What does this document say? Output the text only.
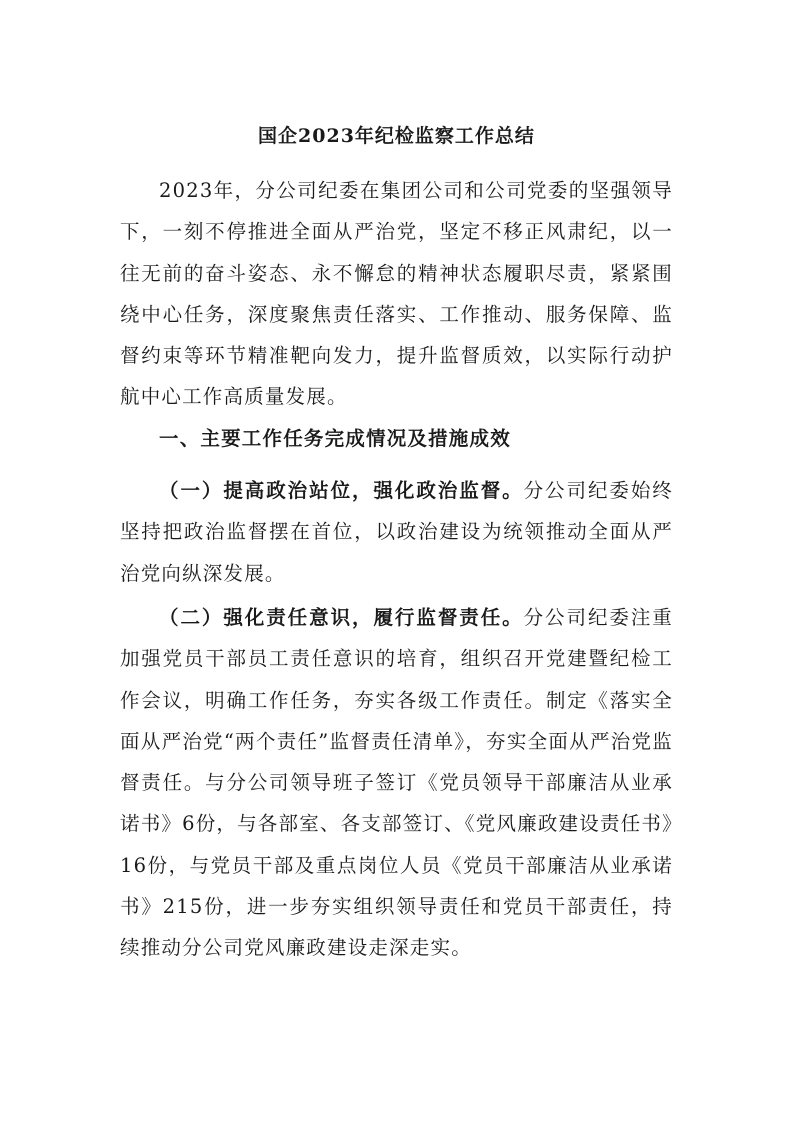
国企2023年纪检监察工作总结

2023年，分公司纪委在集团公司和公司党委的坚强领导下，一刻不停推进全面从严治党，坚定不移正风肃纪，以一往无前的奋斗姿态、永不懈怠的精神状态履职尽责，紧紧围绕中心任务，深度聚焦责任落实、工作推动、服务保障、监督约束等环节精准靶向发力，提升监督质效，以实际行动护航中心工作高质量发展。

一、主要工作任务完成情况及措施成效

（一）提高政治站位，强化政治监督。分公司纪委始终坚持把政治监督摆在首位，以政治建设为统领推动全面从严治党向纵深发展。

（二）强化责任意识，履行监督责任。分公司纪委注重加强党员干部员工责任意识的培育，组织召开党建暨纪检工作会议，明确工作任务，夯实各级工作责任。制定《落实全面从严治党“两个责任”监督责任清单》，夯实全面从严治党监督责任。与分公司领导班子签订《党员领导干部廉洁从业承诺书》6份，与各部室、各支部签订、《党风廉政建设责任书》16份，与党员干部及重点岗位人员《党员干部廉洁从业承诺书》215份，进一步夯实组织领导责任和党员干部责任，持续推动分公司党风廉政建设走深走实。
